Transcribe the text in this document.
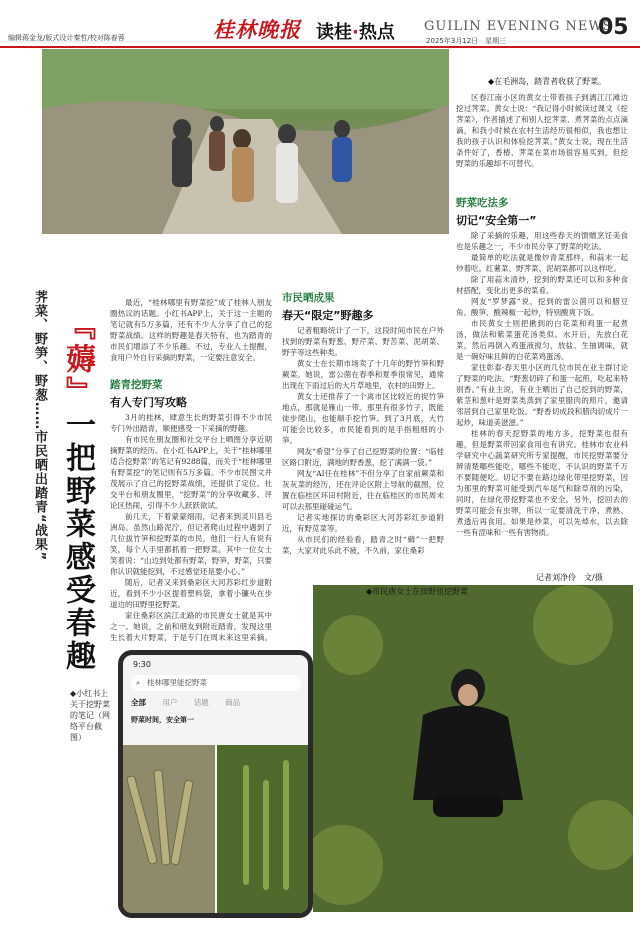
编辑蒋金龙/版式设计秦哲/校对陈春蓉	桂林晚报 读桂·热点 GUILIN EVENING NEWS
05
2025年3月12日　星期三
◆在毛洲岛，踏青者收获了野菜。
荠菜、野笋、野葱……市民晒出踏青“战果” 『薅』一把野菜感受春趣

最近，“桂林哪里有野菜挖”成了桂林人朋友圈热议的话题。小红书APP上，关于这一主题的笔记就有5万多篇，还有不少人分享了自己的挖野菜战绩。这样的野趣是春天特有，也为踏青的市民们增添了不少乐趣。不过，专业人士提醒，食用户外自行采摘的野菜，一定要注意安全。

踏青挖野菜
有人专门写攻略

3月的桂林，肆意生长的野菜引得不少市民专门外出踏青，顺便感受一下采摘的野趣。

有市民在朋友圈和社交平台上晒图分享近期摘野菜的经历。在小红书APP上，关于“桂林哪里适合挖野菜”的笔记有9288篇，而关于“桂林哪里有野菜挖”的笔记则有5万多篇。不少市民图文并茂展示了自己的挖野菜战绩，还提供了定位。社交平台和朋友圈里，“挖野菜”的分享收藏多、评论区热闹，引得不少人跃跃欲试。

前几天，下着蒙蒙细雨，记者来到灵川县毛洲岛。虽然山路泥泞，但记者爬山过程中遇到了几位拔竹笋和挖野菜的市民，他们一行人有说有笑，每个人手里都抓着一把野菜。其中一位女士笑着说：“山边到处都有野菜，野笋，野菜，只要你认识就能挖到，不过感觉还是要小心。”

随后，记者又来到桑彩区大河苏彩红步道附近，看到不少小区提着塑料袋，拿着小镰头在步道边的田野里挖野菜。

家住桑彩区滨江北路的市民唐女士就是其中之一。她说，之前和朋友到附近踏青，发现这里生长着大片野菜，于是专门在周末来这里采摘。

市民晒成果
春天“限定”野趣多

记者粗略统计了一下，这段时间市民在户外找到的野菜有野葱、野芹菜、野苦菜、泥胡菜、野芋等这些种类。

黄女士在长期市场卖了十几年的野竹笋和野蕨菜。她说，雷公菌在春季和夏季很常见，通常出现在下雨过后的大片草地里，农村的田野上。

黄女士还推荐了一个离市区比较近的捉竹笋地点，那就是雁山一带。那里有很多竹子，既能徒步爬山，也能顺手挖竹笋。到了3月底，大竹可能会比较多，市民能看到的是手指粗细的小笋。

网友“希望”分享了自己挖野菜的位置：“临桂区路口附近，满地的野香葱，挖了满满一袋。”

网友“AI任在桂林”不但分享了自家前蕨菜和灰灰菜的经历，还在评论区附上导航的截图，位置在临桂区环田村附近，往在临桂区的市民周末可以去那里碰碰运气。

记者实地探访的桑彩区大河苏彩红步道附近，有野苋菜等。

从市民们的经验看，踏青之时“薅”一把野菜，大家对此乐此不疲，不久前，家住桑彩

区春江南小区的黄女士带着孩子到漓江江滩边挖过荠菜。黄女士说：“我记得小时候读过课文《挖荠菜》，作者描述了和别人挖荠菜、煮荠菜的点点滴滴，和我小时候在农村生活经历很相似，我也想让我的孩子认识和体验挖荠菜。”黄女士说，现在生活条件好了，香椿、荠菜在菜市场很容易买到，但挖野菜的乐趣却不可替代。

野菜吃法多
切记“安全第一”

除了采摘的乐趣，用这些春天的馈赠烹饪美食也是乐趣之一，不少市民分享了野菜的吃法。

最简单的吃法就是像炒青菜那样，和蒜末一起炒着吃。红薯菜、野荠菜、泥胡菜都可以这样吃。

除了用蒜末清炒，挖到的野菜还可以和多种食材搭配，变化出更多的菜肴。

网友“罗梦露”说，挖到的雷公菌可以和腊豆角、酸笋、酸辣椒一起炒，特别酸爽下饭。

市民黄女士则把揪到的白花菜和鸡蛋一起煮汤，做法和紫菜蛋花汤类似。水开后，先放白花菜，然后再倒入鸡蛋液搅匀，放盐、生抽调味，就是一碗好味且鲜的白花菜鸡蛋汤。

家住彰泰·春天里小区的几位市民在业主群讨论了野菜的吃法。“野葱切碎了和蛋一起煎，吃起来特别香。”有业主说，有业主晒出了自己挖到的野菜，紫茎和葱叶是野菜类蒸到了家里腊肉的照片，邀请邻居到自己家里吃饭。“野香切成段和腊肉切成片一起炒，味道美滋滋。”

桂林的春天挖野菜的地方多，挖野菜也很有趣，但是野菜带回家食用也有讲究。桂林市农业科学研究中心蔬菜研究所专家提醒，市民挖野菜要分辨清楚哪些能吃，哪些不能吃，不认识的野菜千万不要随便吃。切记不要在路边绿化带里挖野菜，因为那里的野菜可能受到汽车尾气和除草剂的污染，同时，在绿化带挖野菜也不安全。另外，挖回去的野菜可能会有虫卵，所以一定要清洗干净，煮熟、煮透后再食用。如果是炒菜，可以先焯水，以去除一些有涩味和一些有害物质。

记者刘净伶　文/摄
◆市民唐女士在田野里挖野菜
9:30
⌕ 桂林哪里能挖野菜
全部 用户 话题 商品
野菜时间，安全第一
◆小红书上关于挖野菜的笔记（网络平台截图）
